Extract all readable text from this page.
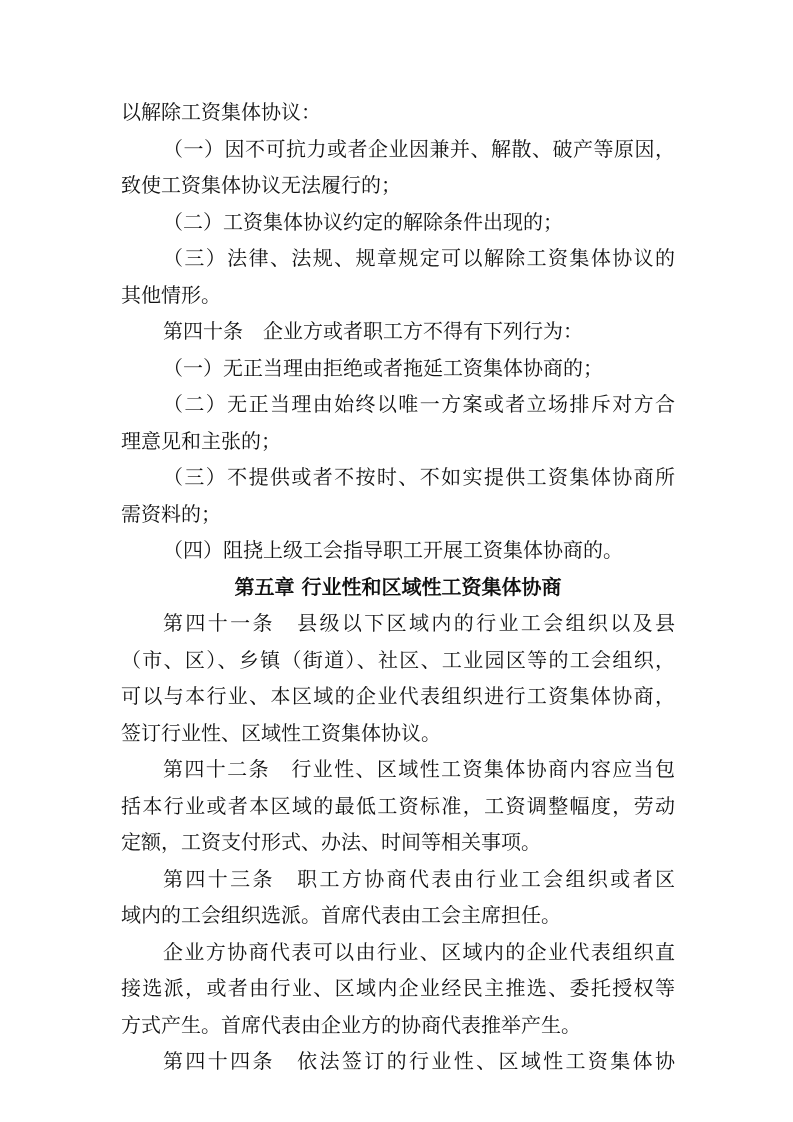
以解除工资集体协议：
（一）因不可抗力或者企业因兼并、解散、破产等原因，
致使工资集体协议无法履行的；
（二）工资集体协议约定的解除条件出现的；
（三）法律、法规、规章规定可以解除工资集体协议的
其他情形。
第四十条　企业方或者职工方不得有下列行为：
（一）无正当理由拒绝或者拖延工资集体协商的；
（二）无正当理由始终以唯一方案或者立场排斥对方合
理意见和主张的；
（三）不提供或者不按时、不如实提供工资集体协商所
需资料的；
（四）阻挠上级工会指导职工开展工资集体协商的。
第五章 行业性和区域性工资集体协商
第四十一条　县级以下区域内的行业工会组织以及县
（市、区）、乡镇（街道）、社区、工业园区等的工会组织，
可以与本行业、本区域的企业代表组织进行工资集体协商，
签订行业性、区域性工资集体协议。
第四十二条　行业性、区域性工资集体协商内容应当包
括本行业或者本区域的最低工资标准，工资调整幅度，劳动
定额，工资支付形式、办法、时间等相关事项。
第四十三条　职工方协商代表由行业工会组织或者区
域内的工会组织选派。首席代表由工会主席担任。
企业方协商代表可以由行业、区域内的企业代表组织直
接选派，或者由行业、区域内企业经民主推选、委托授权等
方式产生。首席代表由企业方的协商代表推举产生。
第四十四条　依法签订的行业性、区域性工资集体协
